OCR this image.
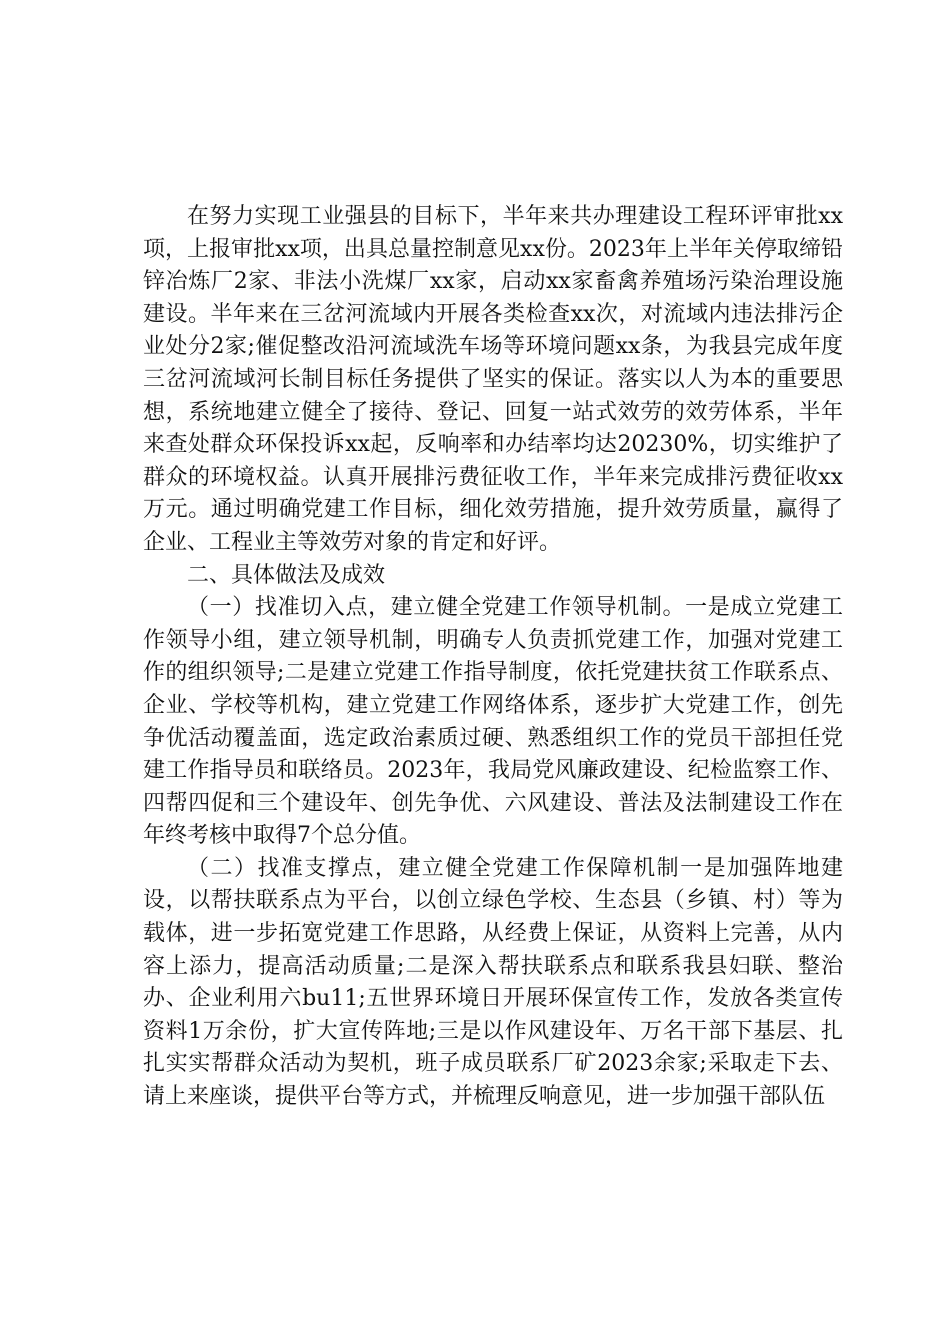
在努力实现工业强县的目标下，半年来共办理建设工程环评审批xx项，上报审批xx项，出具总量控制意见xx份。2023年上半年关停取缔铅锌冶炼厂2家、非法小洗煤厂xx家，启动xx家畜禽养殖场污染治理设施建设。半年来在三岔河流域内开展各类检查xx次，对流域内违法排污企业处分2家;催促整改沿河流域洗车场等环境问题xx条，为我县完成年度三岔河流域河长制目标任务提供了坚实的保证。落实以人为本的重要思想，系统地建立健全了接待、登记、回复一站式效劳的效劳体系，半年来查处群众环保投诉xx起，反响率和办结率均达20230%，切实维护了群众的环境权益。认真开展排污费征收工作，半年来完成排污费征收xx万元。通过明确党建工作目标，细化效劳措施，提升效劳质量，赢得了企业、工程业主等效劳对象的肯定和好评。

二、具体做法及成效

（一）找准切入点，建立健全党建工作领导机制。一是成立党建工作领导小组，建立领导机制，明确专人负责抓党建工作，加强对党建工作的组织领导;二是建立党建工作指导制度，依托党建扶贫工作联系点、企业、学校等机构，建立党建工作网络体系，逐步扩大党建工作，创先争优活动覆盖面，选定政治素质过硬、熟悉组织工作的党员干部担任党建工作指导员和联络员。2023年，我局党风廉政建设、纪检监察工作、四帮四促和三个建设年、创先争优、六风建设、普法及法制建设工作在年终考核中取得7个总分值。

（二）找准支撑点，建立健全党建工作保障机制一是加强阵地建设，以帮扶联系点为平台，以创立绿色学校、生态县（乡镇、村）等为载体，进一步拓宽党建工作思路，从经费上保证，从资料上完善，从内容上添力，提高活动质量;二是深入帮扶联系点和联系我县妇联、整治办、企业利用六bu11;五世界环境日开展环保宣传工作，发放各类宣传资料1万余份，扩大宣传阵地;三是以作风建设年、万名干部下基层、扎扎实实帮群众活动为契机，班子成员联系厂矿2023余家;采取走下去、请上来座谈，提供平台等方式，并梳理反响意见，进一步加强干部队伍
